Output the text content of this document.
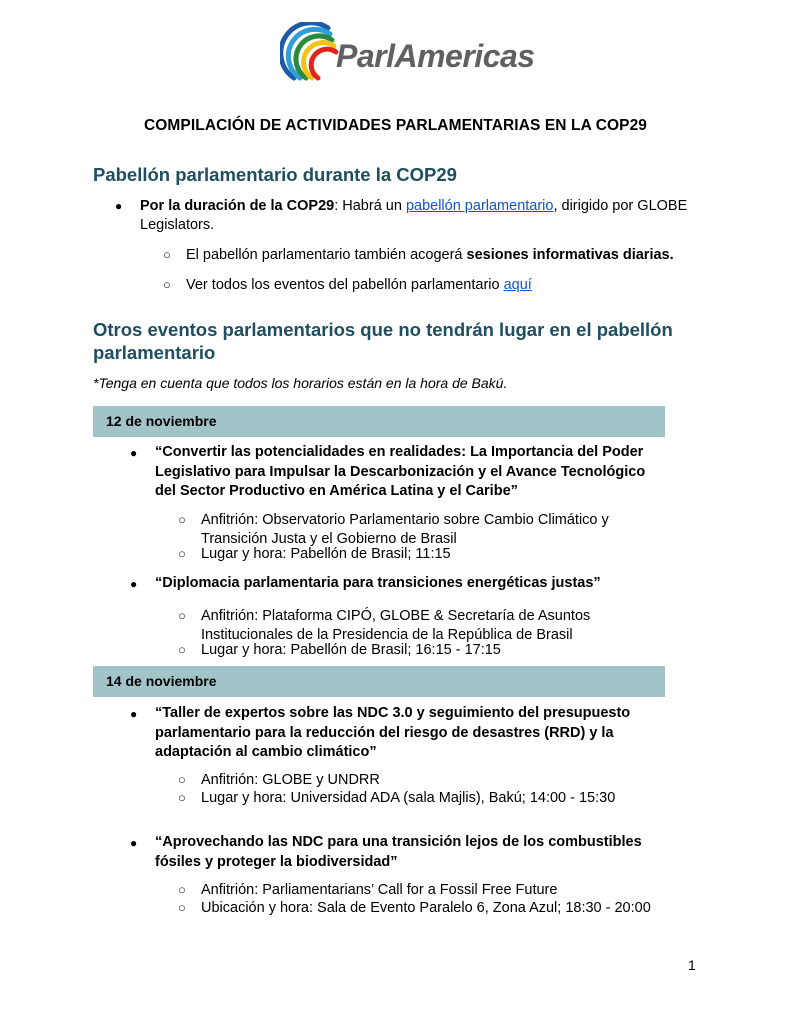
ParlAmericas
COMPILACIÓN DE ACTIVIDADES PARLAMENTARIAS EN LA COP29
Pabellón parlamentario durante la COP29
● Por la duración de la COP29: Habrá un pabellón parlamentario, dirigido por GLOBE
Legislators.
○ El pabellón parlamentario también acogerá sesiones informativas diarias.
○ Ver todos los eventos del pabellón parlamentario aquí
Otros eventos parlamentarios que no tendrán lugar en el pabellón
parlamentario
*Tenga en cuenta que todos los horarios están en la hora de Bakú.
12 de noviembre
● “Convertir las potencialidades en realidades: La Importancia del Poder
Legislativo para Impulsar la Descarbonización y el Avance Tecnológico
del Sector Productivo en América Latina y el Caribe”
○ Anfitrión: Observatorio Parlamentario sobre Cambio Climático y
Transición Justa y el Gobierno de Brasil
○ Lugar y hora: Pabellón de Brasil; 11:15
● “Diplomacia parlamentaria para transiciones energéticas justas”
○ Anfitrión: Plataforma CIPÓ, GLOBE & Secretaría de Asuntos
Institucionales de la Presidencia de la República de Brasil
○ Lugar y hora: Pabellón de Brasil; 16:15 - 17:15
14 de noviembre
● “Taller de expertos sobre las NDC 3.0 y seguimiento del presupuesto
parlamentario para la reducción del riesgo de desastres (RRD) y la
adaptación al cambio climático”
○ Anfitrión: GLOBE y UNDRR
○ Lugar y hora: Universidad ADA (sala Majlis), Bakú; 14:00 - 15:30
● “Aprovechando las NDC para una transición lejos de los combustibles
fósiles y proteger la biodiversidad”
○ Anfitrión: Parliamentarians’ Call for a Fossil Free Future
○ Ubicación y hora: Sala de Evento Paralelo 6, Zona Azul; 18:30 - 20:00
1
